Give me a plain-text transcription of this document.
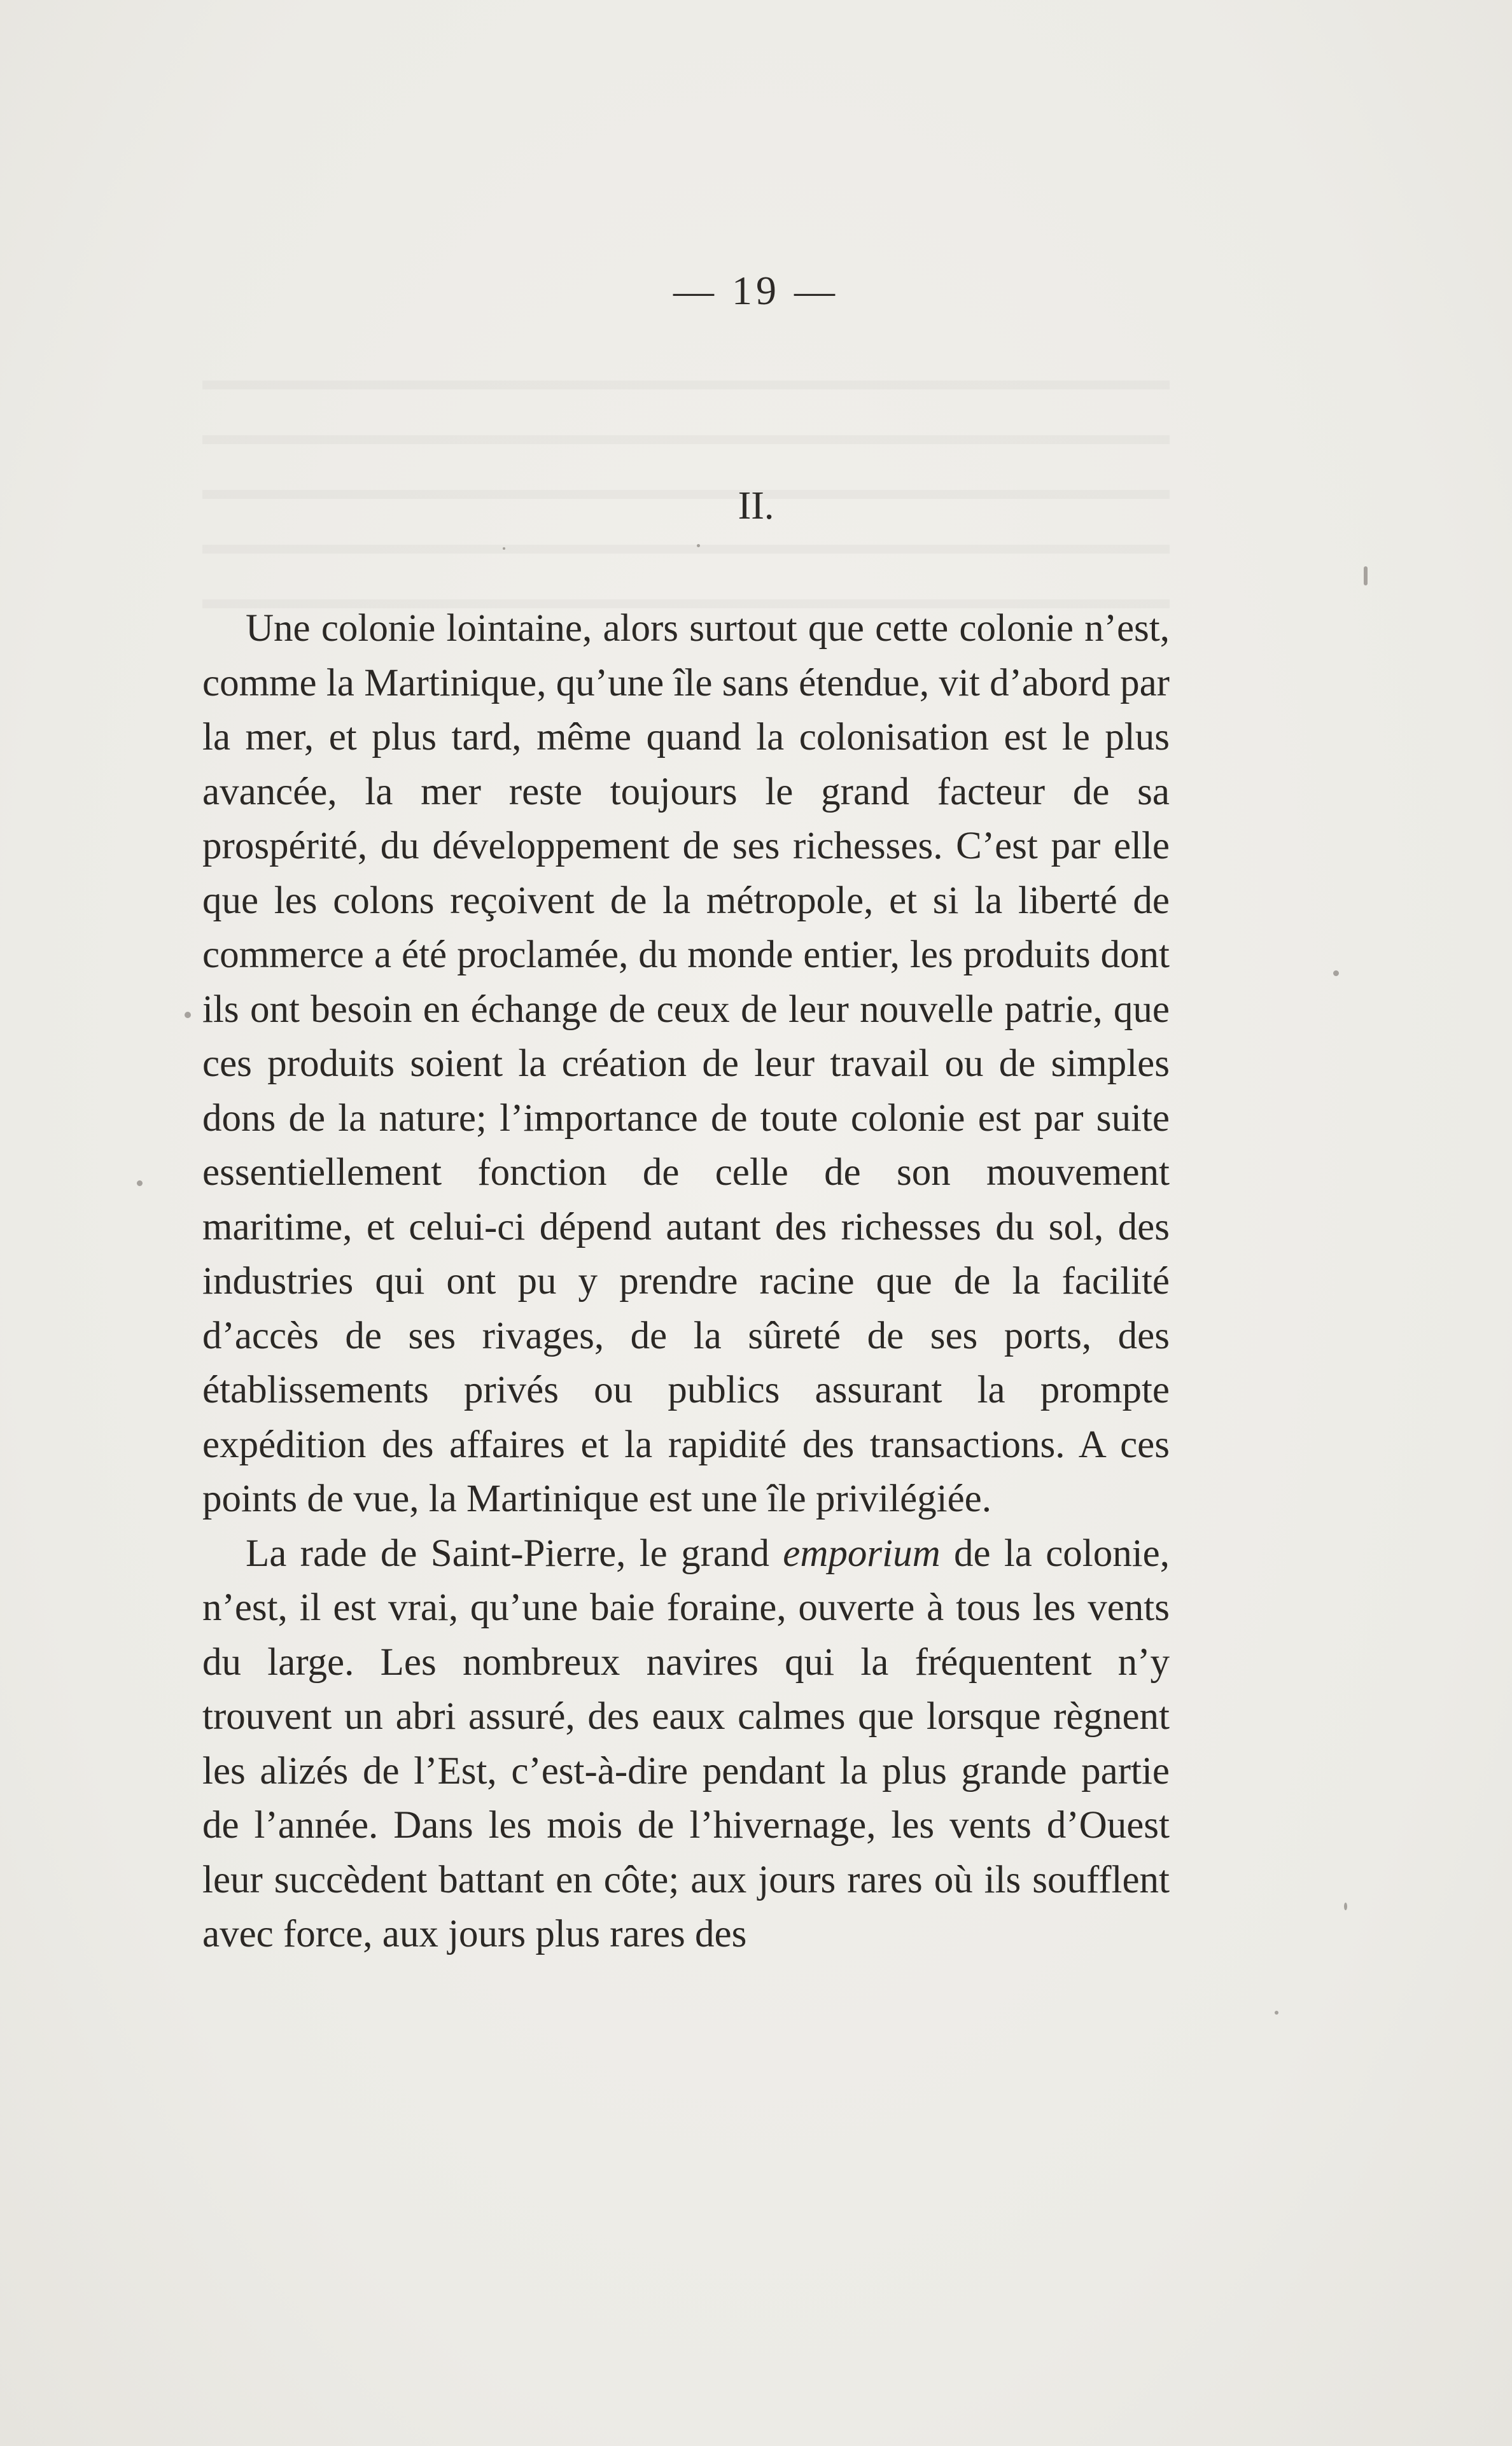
— 19 —
II.

Une colonie lointaine, alors surtout que cette colonie n’est, comme la Martinique, qu’une île sans étendue, vit d’abord par la mer, et plus tard, même quand la colonisation est le plus avancée, la mer reste toujours le grand facteur de sa prospérité, du développement de ses richesses. C’est par elle que les colons reçoivent de la métropole, et si la liberté de commerce a été proclamée, du monde entier, les produits dont ils ont besoin en échange de ceux de leur nouvelle patrie, que ces produits soient la création de leur travail ou de simples dons de la nature; l’importance de toute colonie est par suite essentiellement fonction de celle de son mouvement maritime, et celui-ci dépend autant des richesses du sol, des industries qui ont pu y prendre racine que de la facilité d’accès de ses rivages, de la sûreté de ses ports, des établissements privés ou publics assurant la prompte expédition des affaires et la rapidité des transactions. A ces points de vue, la Martinique est une île privilégiée.

La rade de Saint-Pierre, le grand emporium de la colonie, n’est, il est vrai, qu’une baie foraine, ouverte à tous les vents du large. Les nombreux navires qui la fréquentent n’y trouvent un abri assuré, des eaux calmes que lorsque règnent les alizés de l’Est, c’est-à-dire pendant la plus grande partie de l’année. Dans les mois de l’hivernage, les vents d’Ouest leur succèdent battant en côte; aux jours rares où ils soufflent avec force, aux jours plus rares des
